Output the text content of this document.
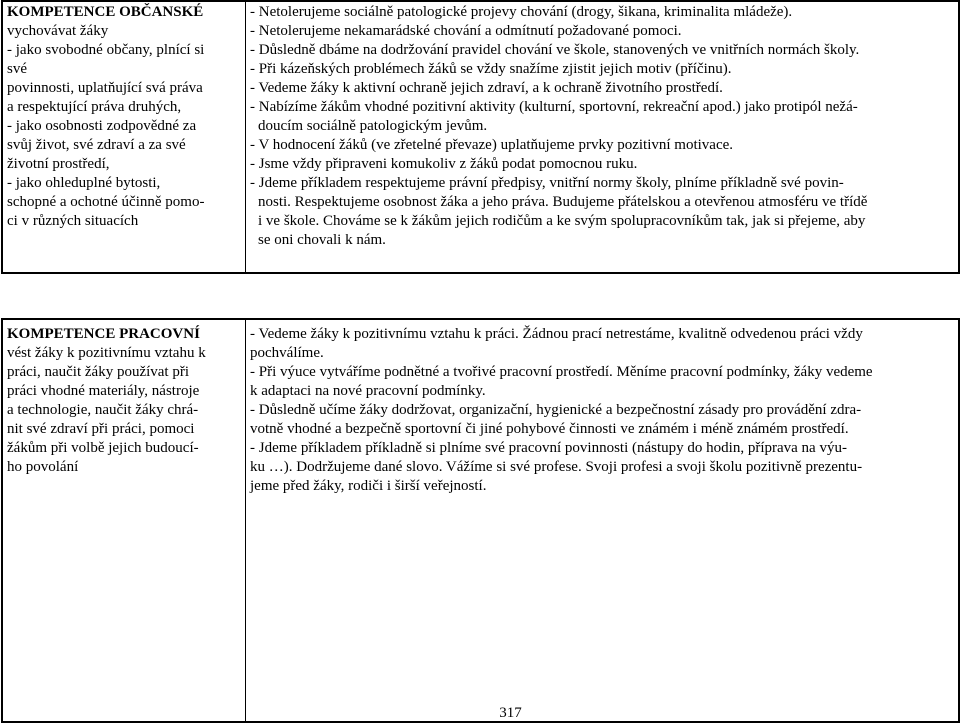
KOMPETENCE OBČANSKÉ
vychovávat žáky
- jako svobodné občany, plnící si
své
povinnosti, uplatňující svá práva
a respektující práva druhých,
- jako osobnosti zodpovědné za
svůj život, své zdraví a za své
životní prostředí,
- jako ohleduplné bytosti,
schopné a ochotné účinně pomo-
ci v různých situacích
- Netolerujeme sociálně patologické projevy chování (drogy, šikana, kriminalita mládeže).
- Netolerujeme nekamarádské chování a odmítnutí požadované pomoci.
- Důsledně dbáme na dodržování pravidel chování ve škole, stanovených ve vnitřních normách školy.
- Při kázeňských problémech žáků se vždy snažíme zjistit jejich motiv (příčinu).
- Vedeme žáky k aktivní ochraně jejich zdraví, a k ochraně životního prostředí.
- Nabízíme žákům vhodné pozitivní aktivity (kulturní, sportovní, rekreační apod.) jako protipól nežá-
doucím sociálně patologickým jevům.
- V hodnocení žáků (ve zřetelné převaze) uplatňujeme prvky pozitivní motivace.
- Jsme vždy připraveni komukoliv z žáků podat pomocnou ruku.
- Jdeme příkladem respektujeme právní předpisy, vnitřní normy školy, plníme příkladně své povin-
nosti. Respektujeme osobnost žáka a jeho práva. Budujeme přátelskou a otevřenou atmosféru ve třídě
i ve škole. Chováme se k žákům jejich rodičům a ke svým spolupracovníkům tak, jak si přejeme, aby
se oni chovali k nám.
KOMPETENCE PRACOVNÍ
vést žáky k pozitivnímu vztahu k
práci, naučit žáky používat při
práci vhodné materiály, nástroje
a technologie, naučit žáky chrá-
nit své zdraví při práci, pomoci
žákům při volbě jejich budoucí-
ho povolání
- Vedeme žáky k pozitivnímu vztahu k práci. Žádnou prací netrestáme, kvalitně odvedenou práci vždy
pochválíme.
- Při výuce vytváříme podnětné a tvořivé pracovní prostředí. Měníme pracovní podmínky, žáky vedeme
k adaptaci na nové pracovní podmínky.
- Důsledně učíme žáky dodržovat, organizační, hygienické a bezpečnostní zásady pro provádění zdra-
votně vhodné a bezpečně sportovní či jiné pohybové činnosti ve známém i méně známém prostředí.
- Jdeme příkladem příkladně si plníme své pracovní povinnosti (nástupy do hodin, příprava na výu-
ku …). Dodržujeme dané slovo. Vážíme si své profese. Svoji profesi a svoji školu pozitivně prezentu-
jeme před žáky, rodiči i širší veřejností.
317
